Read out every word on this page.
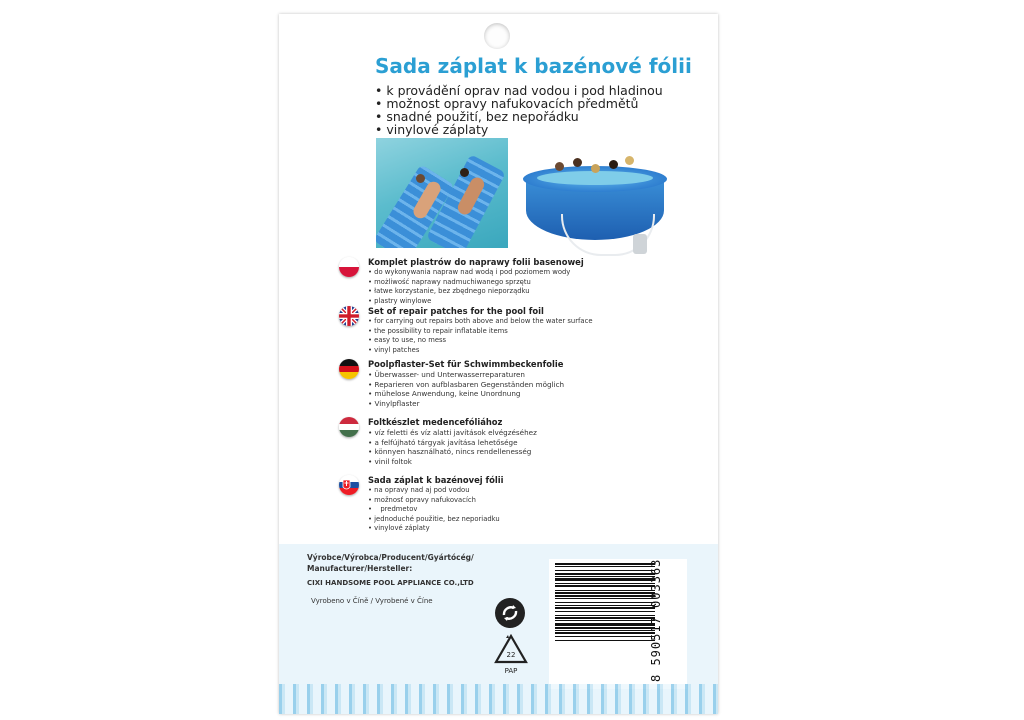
Sada záplat k bazénové fólii
• k provádění oprav nad vodou i pod hladinou
• možnost opravy nafukovacích předmětů
• snadné použití, bez nepořádku
• vinylové záplaty
Komplet plastrów do naprawy folii basenowej
• do wykonywania napraw nad wodą i pod poziomem wody
• możliwość naprawy nadmuchiwanego sprzętu
• łatwe korzystanie, bez zbędnego nieporządku
• plastry winylowe
Set of repair patches for the pool foil
• for carrying out repairs both above and below the water surface
• the possibility to repair inflatable items
• easy to use, no mess
• vinyl patches
Poolpflaster-Set für Schwimmbeckenfolie
• Überwasser- und Unterwasserreparaturen
• Reparieren von aufblasbaren Gegenständen möglich
• mühelose Anwendung, keine Unordnung
• Vinylpflaster
Foltkészlet medencefóliához
• víz feletti és víz alatti javítások elvégzéséhez
• a felfújható tárgyak javítása lehetősége
• könnyen használható, nincs rendellenesség
• vinil foltok
Sada záplat k bazénovej fólii
• na opravy nad aj pod vodou
• možnosť opravy nafukovacích
• predmetov
• jednoduché použitie, bez neporiadku
• vinylové záplaty
Výrobce/Výrobca/Producent/Gyártócég/
Manufacturer/Hersteller:
CIXI HANDSOME POOL APPLIANCE CO.,LTD
Vyrobeno v Číně / Vyrobené v Číne
22
PAP	8 590517 003363
